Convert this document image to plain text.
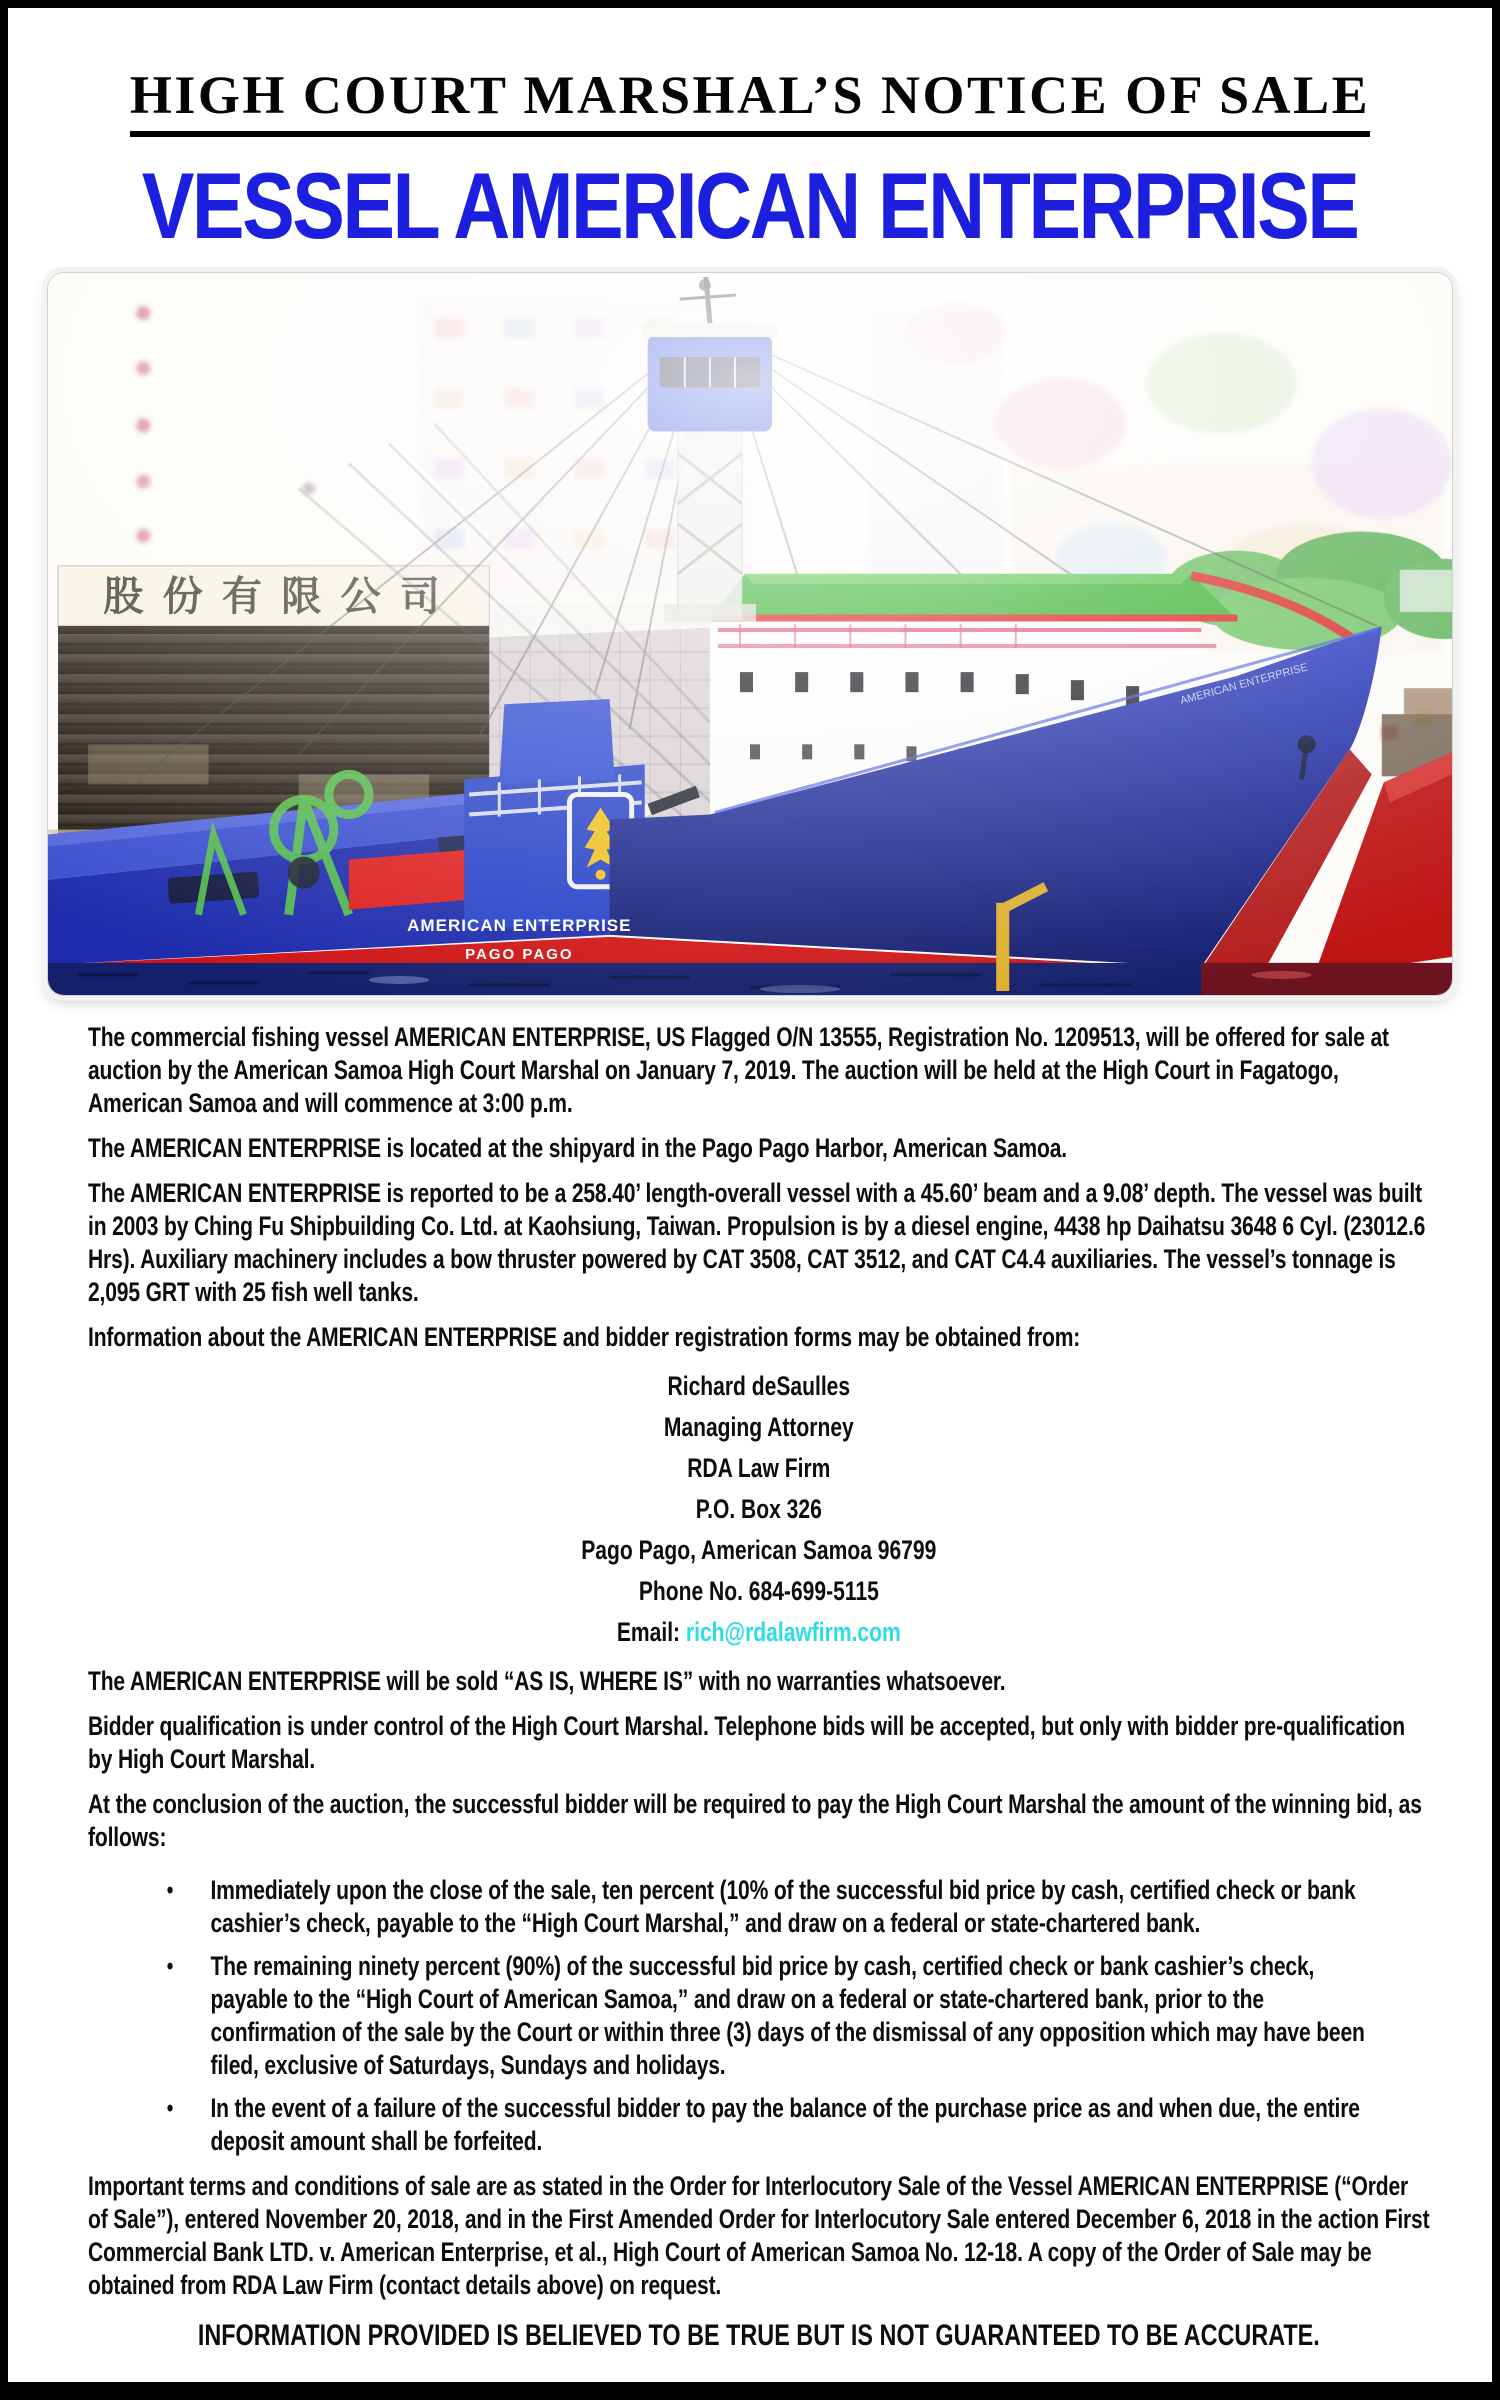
HIGH COURT MARSHAL’S NOTICE OF SALE
VESSEL AMERICAN ENTERPRISE

The commercial fishing vessel AMERICAN ENTERPRISE, US Flagged O/N 13555, Registration No. 1209513, will be offered for sale at auction by the American Samoa High Court Marshal on January 7, 2019. The auction will be held at the High Court in Fagatogo, American Samoa and will commence at 3:00 p.m.

The AMERICAN ENTERPRISE is located at the shipyard in the Pago Pago Harbor, American Samoa.

The AMERICAN ENTERPRISE is reported to be a 258.40’ length-overall vessel with a 45.60’ beam and a 9.08’ depth. The vessel was built in 2003 by Ching Fu Shipbuilding Co. Ltd. at Kaohsiung, Taiwan. Propulsion is by a diesel engine, 4438 hp Daihatsu 3648 6 Cyl. (23012.6 Hrs). Auxiliary machinery includes a bow thruster powered by CAT 3508, CAT 3512, and CAT C4.4 auxiliaries. The vessel’s tonnage is 2,095 GRT with 25 fish well tanks.

Information about the AMERICAN ENTERPRISE and bidder registration forms may be obtained from:

Richard deSaulles
Managing Attorney
RDA Law Firm
P.O. Box 326
Pago Pago, American Samoa 96799
Phone No. 684-699-5115
Email: rich@rdalawfirm.com

The AMERICAN ENTERPRISE will be sold “AS IS, WHERE IS” with no warranties whatsoever.

Bidder qualification is under control of the High Court Marshal. Telephone bids will be accepted, but only with bidder pre-qualification by High Court Marshal.

At the conclusion of the auction, the successful bidder will be required to pay the High Court Marshal the amount of the winning bid, as follows:

• Immediately upon the close of the sale, ten percent (10% of the successful bid price by cash, certified check or bank cashier’s check, payable to the “High Court Marshal,” and draw on a federal or state-chartered bank.
• The remaining ninety percent (90%) of the successful bid price by cash, certified check or bank cashier’s check, payable to the “High Court of American Samoa,” and draw on a federal or state-chartered bank, prior to the confirmation of the sale by the Court or within three (3) days of the dismissal of any opposition which may have been filed, exclusive of Saturdays, Sundays and holidays.
• In the event of a failure of the successful bidder to pay the balance of the purchase price as and when due, the entire deposit amount shall be forfeited.

Important terms and conditions of sale are as stated in the Order for Interlocutory Sale of the Vessel AMERICAN ENTERPRISE (“Order of Sale”), entered November 20, 2018, and in the First Amended Order for Interlocutory Sale entered December 6, 2018 in the action First Commercial Bank LTD. v. American Enterprise, et al., High Court of American Samoa No. 12-18. A copy of the Order of Sale may be obtained from RDA Law Firm (contact details above) on request.

INFORMATION PROVIDED IS BELIEVED TO BE TRUE BUT IS NOT GUARANTEED TO BE ACCURATE.
